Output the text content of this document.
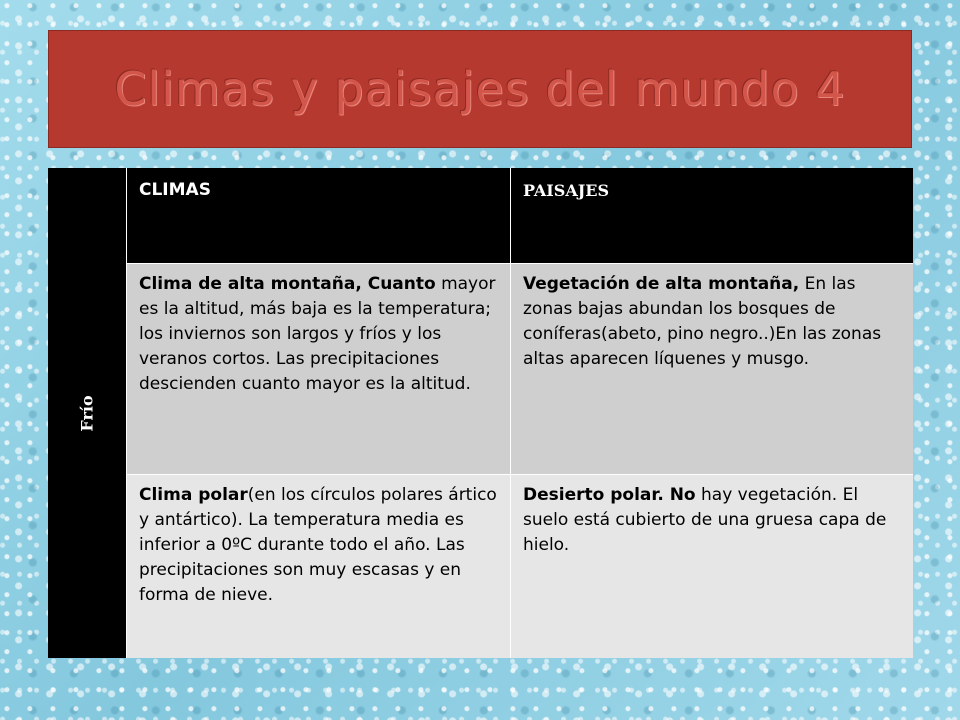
Climas y paisajes del mundo 4
Frío
CLIMAS	PAISAJES
Clima de alta montaña, Cuanto mayor es la altitud, más baja es la temperatura; los inviernos son largos y fríos y los veranos cortos. Las precipitaciones descienden cuanto mayor es la altitud.
Vegetación de alta montaña, En las zonas bajas abundan los bosques de coníferas(abeto, pino negro..)En las zonas altas aparecen líquenes y musgo.
Clima polar(en los círculos polares ártico y antártico). La temperatura media es inferior a 0ºC durante todo el año. Las precipitaciones son muy escasas y en forma de nieve.
Desierto polar. No hay vegetación. El suelo está cubierto de una gruesa capa de hielo.
